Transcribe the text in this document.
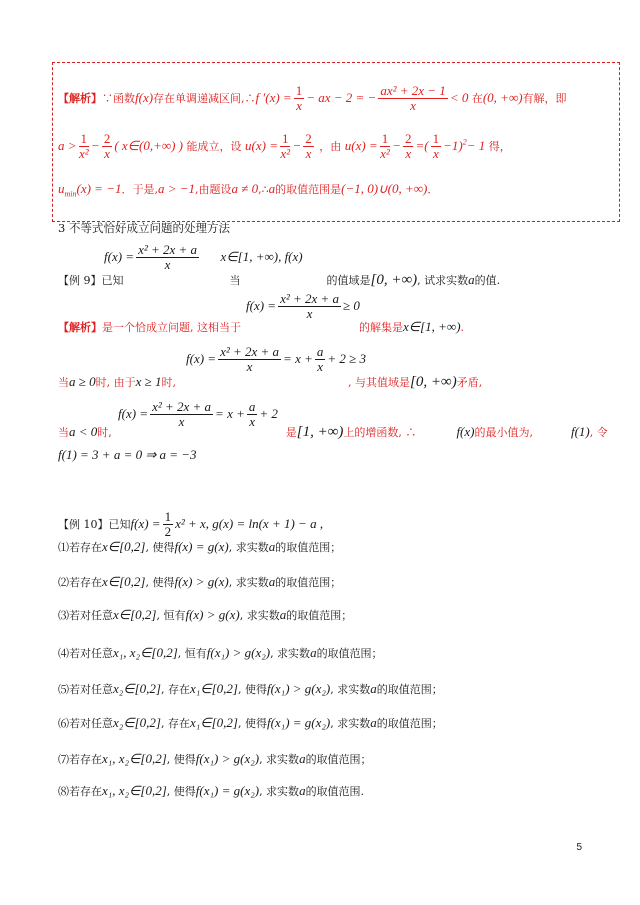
【解析】∵函数f(x)存在单调递减区间,∴f $'(x) = \frac{1}{x}$ − ax − 2 = − $\frac{\text{ax² + 2x − 1}}{x} < 0$ 在(0, +∞)有解，即
$a > \frac{1}{\text{x²}} - \frac{2}{x}$ ( x∈(0,+∞) ) 能成立，设 $u(x) = \frac{1}{\text{x²}} - \frac{2}{x}$ ，由 $u(x) = \frac{1}{\text{x²}} - \frac{2}{x}$ =( $\frac{1}{x} -1)^2- 1$ 得，
$u_{min}(x) = -1$．于是,a > −1,由题设a ≠ 0,∴a的取值范围是(−1, 0)∪(0, +∞)．
3 不等式恰好成立问题的处理方法
$f(x) = \frac{\text{x² + 2x + a}}{x}$ x∈[1, +∞), f(x)
【例 9】已知	当	的值域是[0, +∞), 试求实数a的值.
$f(x) = \frac{\text{x² + 2x + a}}{x} \ge 0$
【解析】是一个恰成立问题, 这相当于	的解集是x∈[1, +∞).
$f(x) = \frac{\text{x² + 2x + a}}{x} = x + \frac{a}{x} + 2 \ge 3$
当a ≥ 0时, 由于x ≥ 1时,	, 与其值域是[0, +∞)矛盾,
$f(x) = \frac{\text{x² + 2x + a}}{x} = x + \frac{a}{x} + 2$
当a < 0时,	是[1, +∞)上的增函数, ∴	f(x)的最小值为,	f(1), 令
f(1) = 3 + a = 0 ⇒ a = −3
【例 10】已知$f(x) = \frac{1}{2} x^2 + x$, g(x) = ln(x + 1) − a ,
⑴若存在x∈[0,2], 使得f(x) = g(x), 求实数a的取值范围；
⑵若存在x∈[0,2], 使得f(x) > g(x), 求实数a的取值范围；
⑶若对任意x∈[0,2], 恒有f(x) > g(x), 求实数a的取值范围；
⑷若对任意x₁, x₂∈[0,2], 恒有f(x₁) > g(x₂), 求实数a的取值范围；
⑸若对任意x₂∈[0,2], 存在x₁∈[0,2], 使得f(x₁) > g(x₂), 求实数a的取值范围；
⑹若对任意x₂∈[0,2], 存在x₁∈[0,2], 使得f(x₁) = g(x₂), 求实数a的取值范围；
⑺若存在x₁, x₂∈[0,2], 使得f(x₁) > g(x₂), 求实数a的取值范围；
⑻若存在x₁, x₂∈[0,2], 使得f(x₁) = g(x₂), 求实数a的取值范围.
5
